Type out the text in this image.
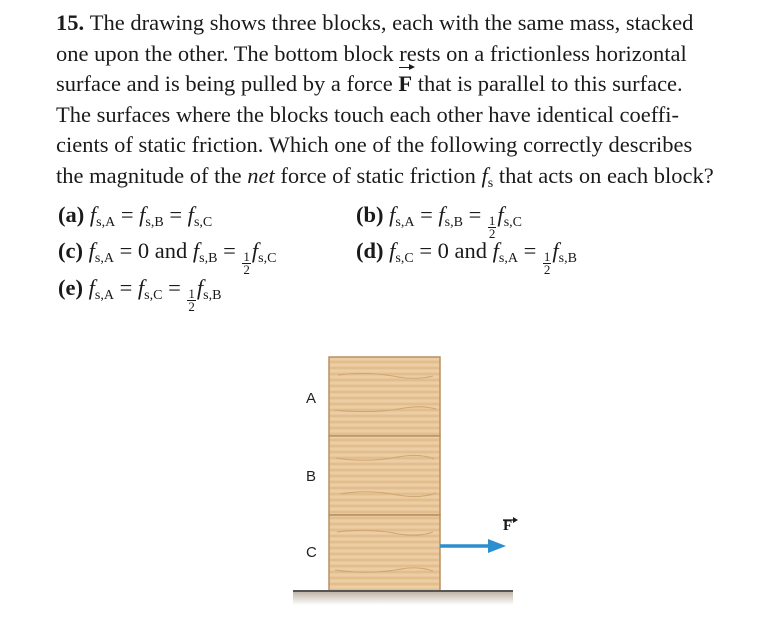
15. The drawing shows three blocks, each with the same mass, stacked
one upon the other. The bottom block rests on a frictionless horizontal
surface and is being pulled by a force F that is parallel to this surface.
The surfaces where the blocks touch each other have identical coeffi-
cients of static friction. Which one of the following correctly describes
the magnitude of the net force of static friction $f_s$ that acts on each block?
(a) $f_{s,A} = f_{s,B} = f_{s,C}$	(b) $f_{s,A} = f_{s,B}$ =
$\frac{1}{2}$
$f_{s,C}$
(c) $f_{s,A} = 0$ and $f_{s,B}$ =
$\frac{1}{2}$
$f_{s,C}$	(d) $f_{s,C} = 0$ and $f_{s,A}$ =
$\frac{1}{2}$
$f_{s,B}$
(e) $f_{s,A} = f_{s,C}$ =
$\frac{1}{2}$
$f_{s,B}$
A
B
C
F
